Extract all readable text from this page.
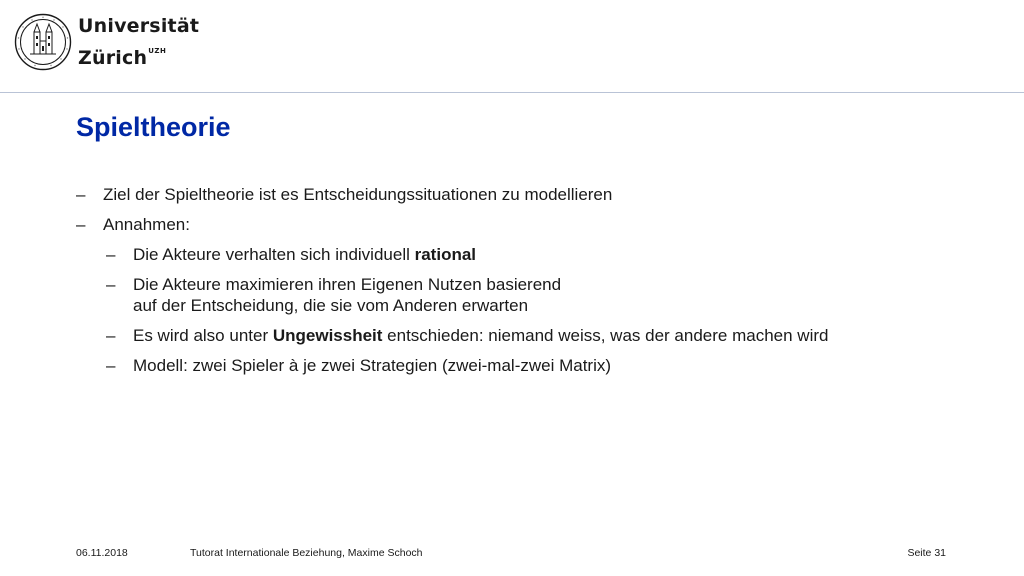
Universität
Zürich$^{UZH}$
Spieltheorie
– Ziel der Spieltheorie ist es Entscheidungssituationen zu modellieren
– Annahmen:
– Die Akteure verhalten sich individuell rational
– Die Akteure maximieren ihren Eigenen Nutzen basierend
auf der Entscheidung, die sie vom Anderen erwarten
– Es wird also unter Ungewissheit entschieden: niemand weiss, was der andere machen wird
– Modell: zwei Spieler à je zwei Strategien (zwei-mal-zwei Matrix)
06.11.2018	Tutorat Internationale Beziehung, Maxime Schoch	Seite 31
